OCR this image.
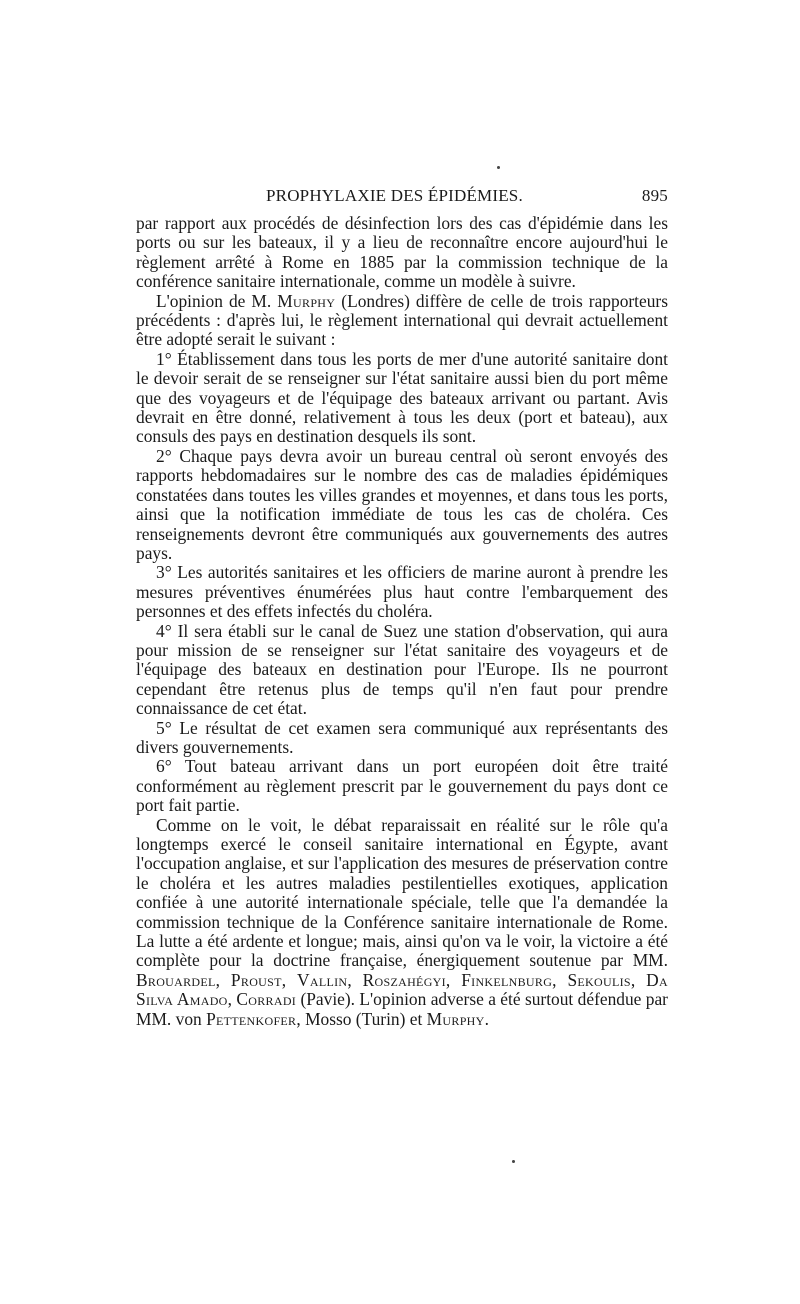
PROPHYLAXIE DES ÉPIDÉMIES.	895

par rapport aux procédés de désinfection lors des cas d'épidémie dans les ports ou sur les bateaux, il y a lieu de reconnaître encore aujourd'hui le règlement arrêté à Rome en 1885 par la commission technique de la conférence sanitaire internationale, comme un modèle à suivre.

L'opinion de M. Murphy (Londres) diffère de celle de trois rapporteurs précédents : d'après lui, le règlement international qui devrait actuellement être adopté serait le suivant :

1° Établissement dans tous les ports de mer d'une autorité sanitaire dont le devoir serait de se renseigner sur l'état sanitaire aussi bien du port même que des voyageurs et de l'équipage des bateaux arrivant ou partant. Avis devrait en être donné, relativement à tous les deux (port et bateau), aux consuls des pays en destination desquels ils sont.

2° Chaque pays devra avoir un bureau central où seront envoyés des rapports hebdomadaires sur le nombre des cas de maladies épidémiques constatées dans toutes les villes grandes et moyennes, et dans tous les ports, ainsi que la notification immédiate de tous les cas de choléra. Ces renseignements devront être communiqués aux gouvernements des autres pays.

3° Les autorités sanitaires et les officiers de marine auront à prendre les mesures préventives énumérées plus haut contre l'embarquement des personnes et des effets infectés du choléra.

4° Il sera établi sur le canal de Suez une station d'observation, qui aura pour mission de se renseigner sur l'état sanitaire des voyageurs et de l'équipage des bateaux en destination pour l'Europe. Ils ne pourront cependant être retenus plus de temps qu'il n'en faut pour prendre connaissance de cet état.

5° Le résultat de cet examen sera communiqué aux représentants des divers gouvernements.

6° Tout bateau arrivant dans un port européen doit être traité conformément au règlement prescrit par le gouvernement du pays dont ce port fait partie.

Comme on le voit, le débat reparaissait en réalité sur le rôle qu'a longtemps exercé le conseil sanitaire international en Égypte, avant l'occupation anglaise, et sur l'application des mesures de préservation contre le choléra et les autres maladies pestilentielles exotiques, application confiée à une autorité internationale spéciale, telle que l'a demandée la commission technique de la Conférence sanitaire internationale de Rome. La lutte a été ardente et longue; mais, ainsi qu'on va le voir, la victoire a été complète pour la doctrine française, énergiquement soutenue par MM. Brouardel, Proust, Vallin, Roszahégyi, Finkelnburg, Sekoulis, Da Silva Amado, Corradi (Pavie). L'opinion adverse a été surtout défendue par MM. von Pettenkofer, Mosso (Turin) et Murphy.
